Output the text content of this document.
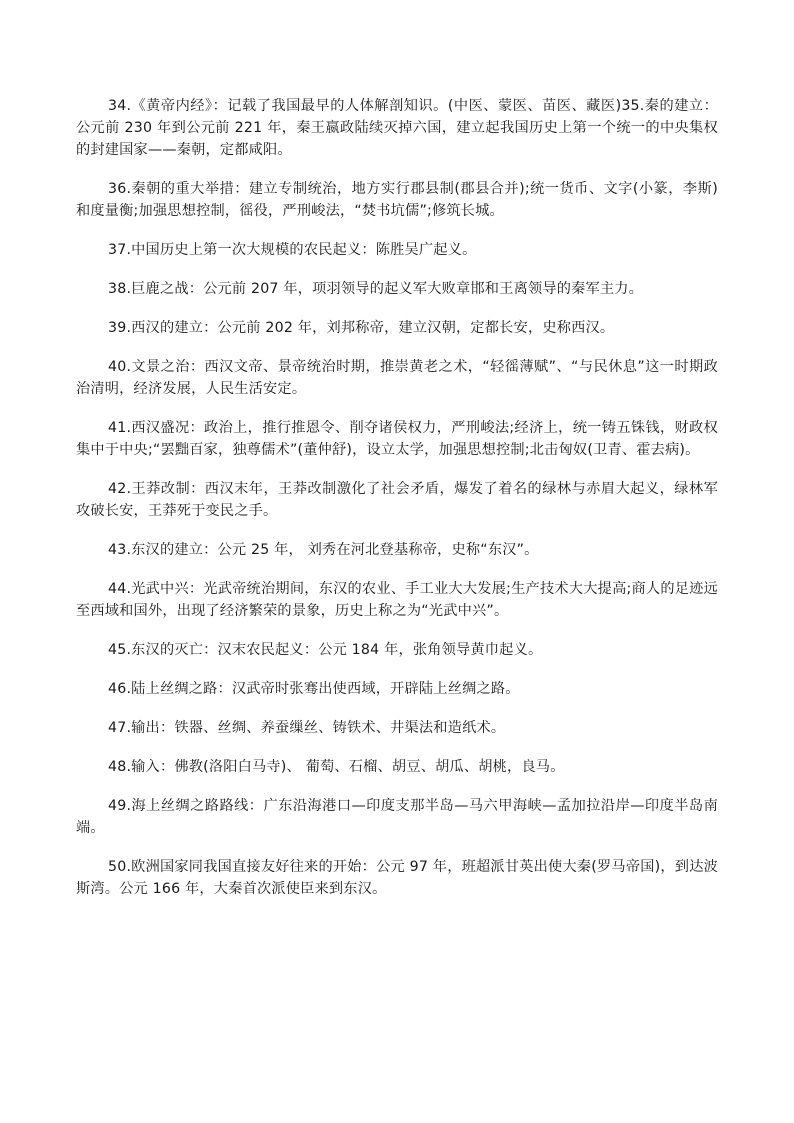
34.《黄帝内经》：记载了我国最早的人体解剖知识。(中医、蒙医、苗医、藏医)35.秦的建立：公元前 230 年到公元前 221 年，秦王嬴政陆续灭掉六国，建立起我国历史上第一个统一的中央集权的封建国家——秦朝，定都咸阳。

36.秦朝的重大举措：建立专制统治，地方实行郡县制(郡县合并);统一货币、文字(小篆，李斯)和度量衡;加强思想控制，徭役，严刑峻法，“焚书坑儒”;修筑长城。

37.中国历史上第一次大规模的农民起义：陈胜吴广起义。

38.巨鹿之战：公元前 207 年，项羽领导的起义军大败章邯和王离领导的秦军主力。

39.西汉的建立：公元前 202 年，刘邦称帝，建立汉朝，定都长安，史称西汉。

40.文景之治：西汉文帝、景帝统治时期，推崇黄老之术，“轻徭薄赋”、“与民休息”这一时期政治清明，经济发展，人民生活安定。

41.西汉盛况：政治上，推行推恩令、削夺诸侯权力，严刑峻法;经济上，统一铸五铢钱，财政权集中于中央;“罢黜百家，独尊儒术”(董仲舒)，设立太学，加强思想控制;北击匈奴(卫青、霍去病)。

42.王莽改制：西汉末年，王莽改制激化了社会矛盾，爆发了着名的绿林与赤眉大起义，绿林军攻破长安，王莽死于变民之手。

43.东汉的建立：公元 25 年， 刘秀在河北登基称帝，史称“东汉”。

44.光武中兴：光武帝统治期间，东汉的农业、手工业大大发展;生产技术大大提高;商人的足迹远至西域和国外，出现了经济繁荣的景象，历史上称之为“光武中兴”。

45.东汉的灭亡：汉末农民起义：公元 184 年，张角领导黄巾起义。

46.陆上丝绸之路：汉武帝时张骞出使西域，开辟陆上丝绸之路。

47.输出：铁器、丝绸、养蚕缫丝、铸铁术、井渠法和造纸术。

48.输入：佛教(洛阳白马寺)、 葡萄、石榴、胡豆、胡瓜、胡桃，良马。

49.海上丝绸之路路线：广东沿海港口—印度支那半岛—马六甲海峡—孟加拉沿岸—印度半岛南端。

50.欧洲国家同我国直接友好往来的开始：公元 97 年，班超派甘英出使大秦(罗马帝国)，到达波斯湾。公元 166 年，大秦首次派使臣来到东汉。
